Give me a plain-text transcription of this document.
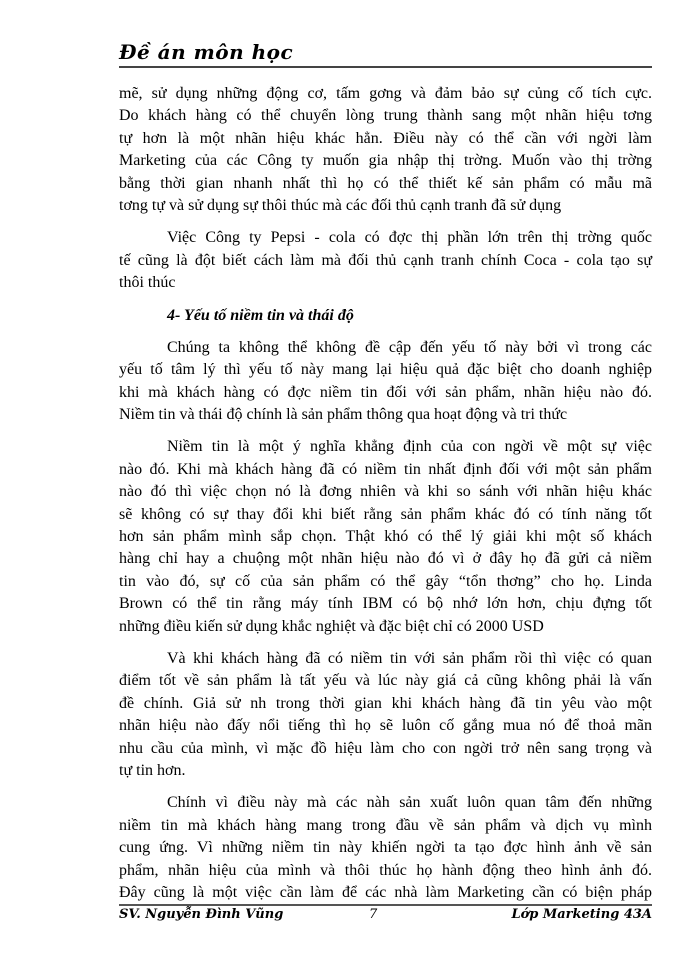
Đề án môn học
mẽ, sử dụng những động cơ, tấm gơng và đảm bảo sự củng cố tích cực.
Do khách hàng có thể chuyển lòng trung thành sang một nhãn hiệu tơng
tự hơn là một nhãn hiệu khác hẳn. Điều này có thể cần với ngời làm
Marketing của các Công ty muốn gia nhập thị trờng. Muốn vào thị trờng
bằng thời gian nhanh nhất thì họ có thể thiết kế sản phẩm có mẫu mã
tơng tự và sử dụng sự thôi thúc mà các đối thủ cạnh tranh đã sử dụng
Việc Công ty Pepsi - cola có đợc thị phần lớn trên thị trờng quốc
tế cũng là đột biết cách làm mà đối thủ cạnh tranh chính Coca - cola tạo sự
thôi thúc
4- Yếu tố niềm tin và thái độ
Chúng ta không thể không đề cập đến yếu tố này bởi vì trong các
yếu tố tâm lý thì yếu tố này mang lại hiệu quả đặc biệt cho doanh nghiệp
khi mà khách hàng có đợc niềm tin đối với sản phẩm, nhãn hiệu nào đó.
Niềm tin và thái độ chính là sản phẩm thông qua hoạt động và tri thức
Niềm tin là một ý nghĩa khẳng định của con ngời về một sự việc
nào đó. Khi mà khách hàng đã có niềm tin nhất định đối với một sản phẩm
nào đó thì việc chọn nó là đơng nhiên và khi so sánh với nhãn hiệu khác
sẽ không có sự thay đổi khi biết rằng sản phẩm khác đó có tính năng tốt
hơn sản phẩm mình sắp chọn. Thật khó có thể lý giải khi một số khách
hàng chỉ hay a chuộng một nhãn hiệu nào đó vì ở đây họ đã gửi cả niềm
tin vào đó, sự cố của sản phẩm có thể gây “tổn thơng” cho họ. Linda
Brown có thể tin rằng máy tính IBM có bộ nhớ lớn hơn, chịu đựng tốt
những điều kiến sử dụng khắc nghiệt và đặc biệt chỉ có 2000 USD
Và khi khách hàng đã có niềm tin với sản phẩm rồi thì việc có quan
điểm tốt về sản phẩm là tất yếu và lúc này giá cả cũng không phải là vấn
đề chính. Giả sử nh trong thời gian khi khách hàng đã tin yêu vào một
nhãn hiệu nào đấy nổi tiếng thì họ sẽ luôn cố gắng mua nó để thoả mãn
nhu cầu của mình, vì mặc đồ hiệu làm cho con ngời trở nên sang trọng và
tự tin hơn.
Chính vì điều này mà các nàh sản xuất luôn quan tâm đến những
niềm tin mà khách hàng mang trong đầu về sản phẩm và dịch vụ mình
cung ứng. Vì những niềm tin này khiến ngời ta tạo đợc hình ảnh về sản
phẩm, nhãn hiệu của mình và thôi thúc họ hành động theo hình ảnh đó.
Đây cũng là một việc cần làm để các nhà làm Marketing cần có biện pháp
SV. Nguyễn Đình Vũng	7	Lớp Marketing 43A
